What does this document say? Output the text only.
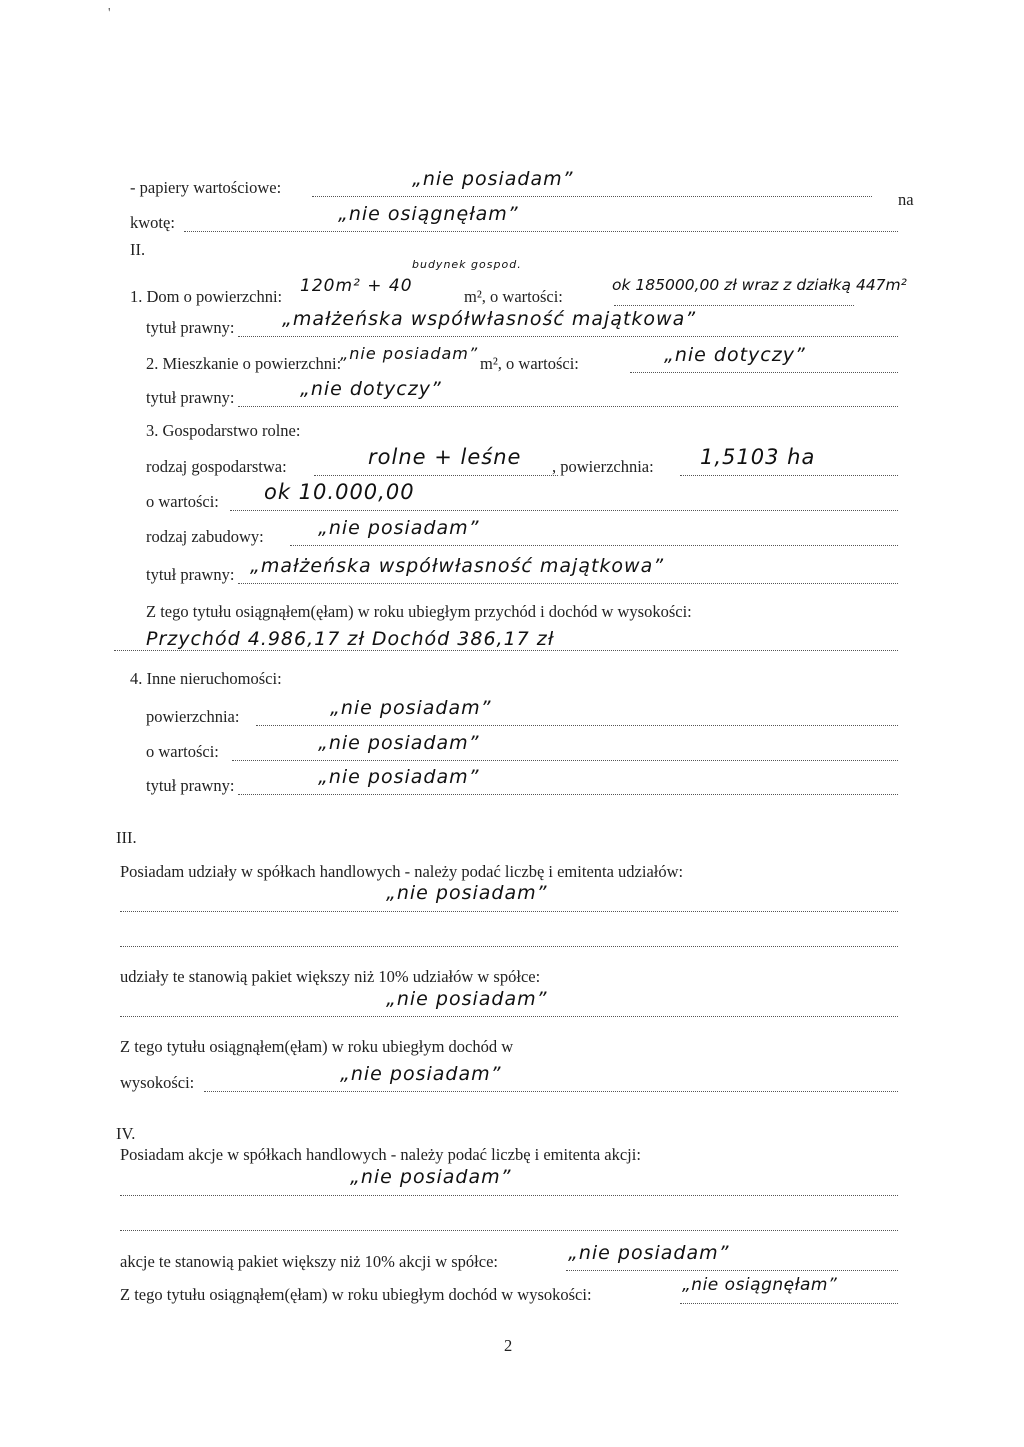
'
- papiery wartościowe:	„nie posiadam”
na
kwotę:	„nie osiągnęłam”
II.
1. Dom o powierzchni:
120m² + 40
budynek gospod.
m², o wartości:
ok 185000,00 zł wraz z działką 447m²
tytuł prawny:	„małżeńska współwłasność majątkowa”
2. Mieszkanie o powierzchni:
„nie posiadam”
m², o wartości:	„nie dotyczy”
tytuł prawny:	„nie dotyczy”
3. Gospodarstwo rolne:
rodzaj gospodarstwa:	rolne + leśne , powierzchnia: 1,5103 ha
o wartości: ok 10.000,00
rodzaj zabudowy:	„nie posiadam”
tytuł prawny: „małżeńska współwłasność majątkowa”
Z tego tytułu osiągnąłem(ęłam) w roku ubiegłym przychód i dochód w wysokości:
Przychód 4.986,17 zł Dochód 386,17 zł
4. Inne nieruchomości:
powierzchnia:	„nie posiadam”
o wartości:	„nie posiadam”
tytuł prawny:	„nie posiadam”
III.
Posiadam udziały w spółkach handlowych - należy podać liczbę i emitenta udziałów:
„nie posiadam”
udziały te stanowią pakiet większy niż 10% udziałów w spółce:
„nie posiadam”
Z tego tytułu osiągnąłem(ęłam) w roku ubiegłym dochód w
wysokości:	„nie posiadam”
IV.
Posiadam akcje w spółkach handlowych - należy podać liczbę i emitenta akcji:
„nie posiadam”
akcje te stanowią pakiet większy niż 10% akcji w spółce:	„nie posiadam”
Z tego tytułu osiągnąłem(ęłam) w roku ubiegłym dochód w wysokości:	„nie osiągnęłam”
2
